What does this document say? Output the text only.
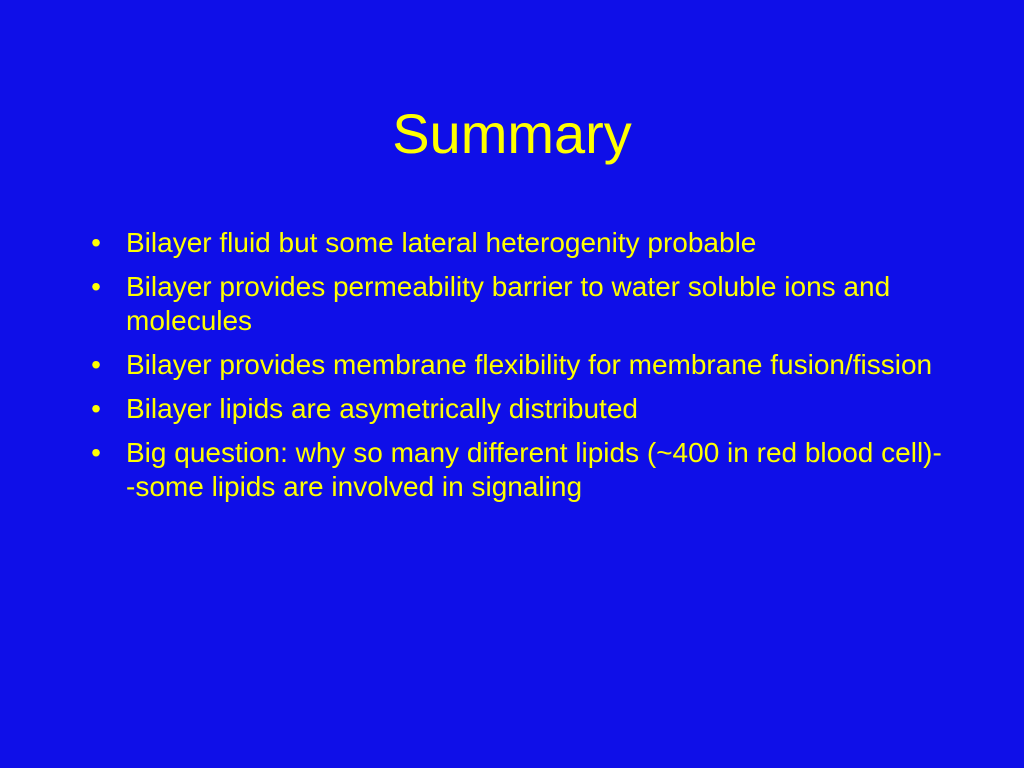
Summary
• Bilayer fluid but some lateral heterogenity probable
• Bilayer provides permeability barrier to water soluble ions and molecules
• Bilayer provides membrane flexibility for membrane fusion/fission
• Bilayer lipids are asymetrically distributed
• Big question: why so many different lipids (~400 in red blood cell)--some lipids are involved in signaling
